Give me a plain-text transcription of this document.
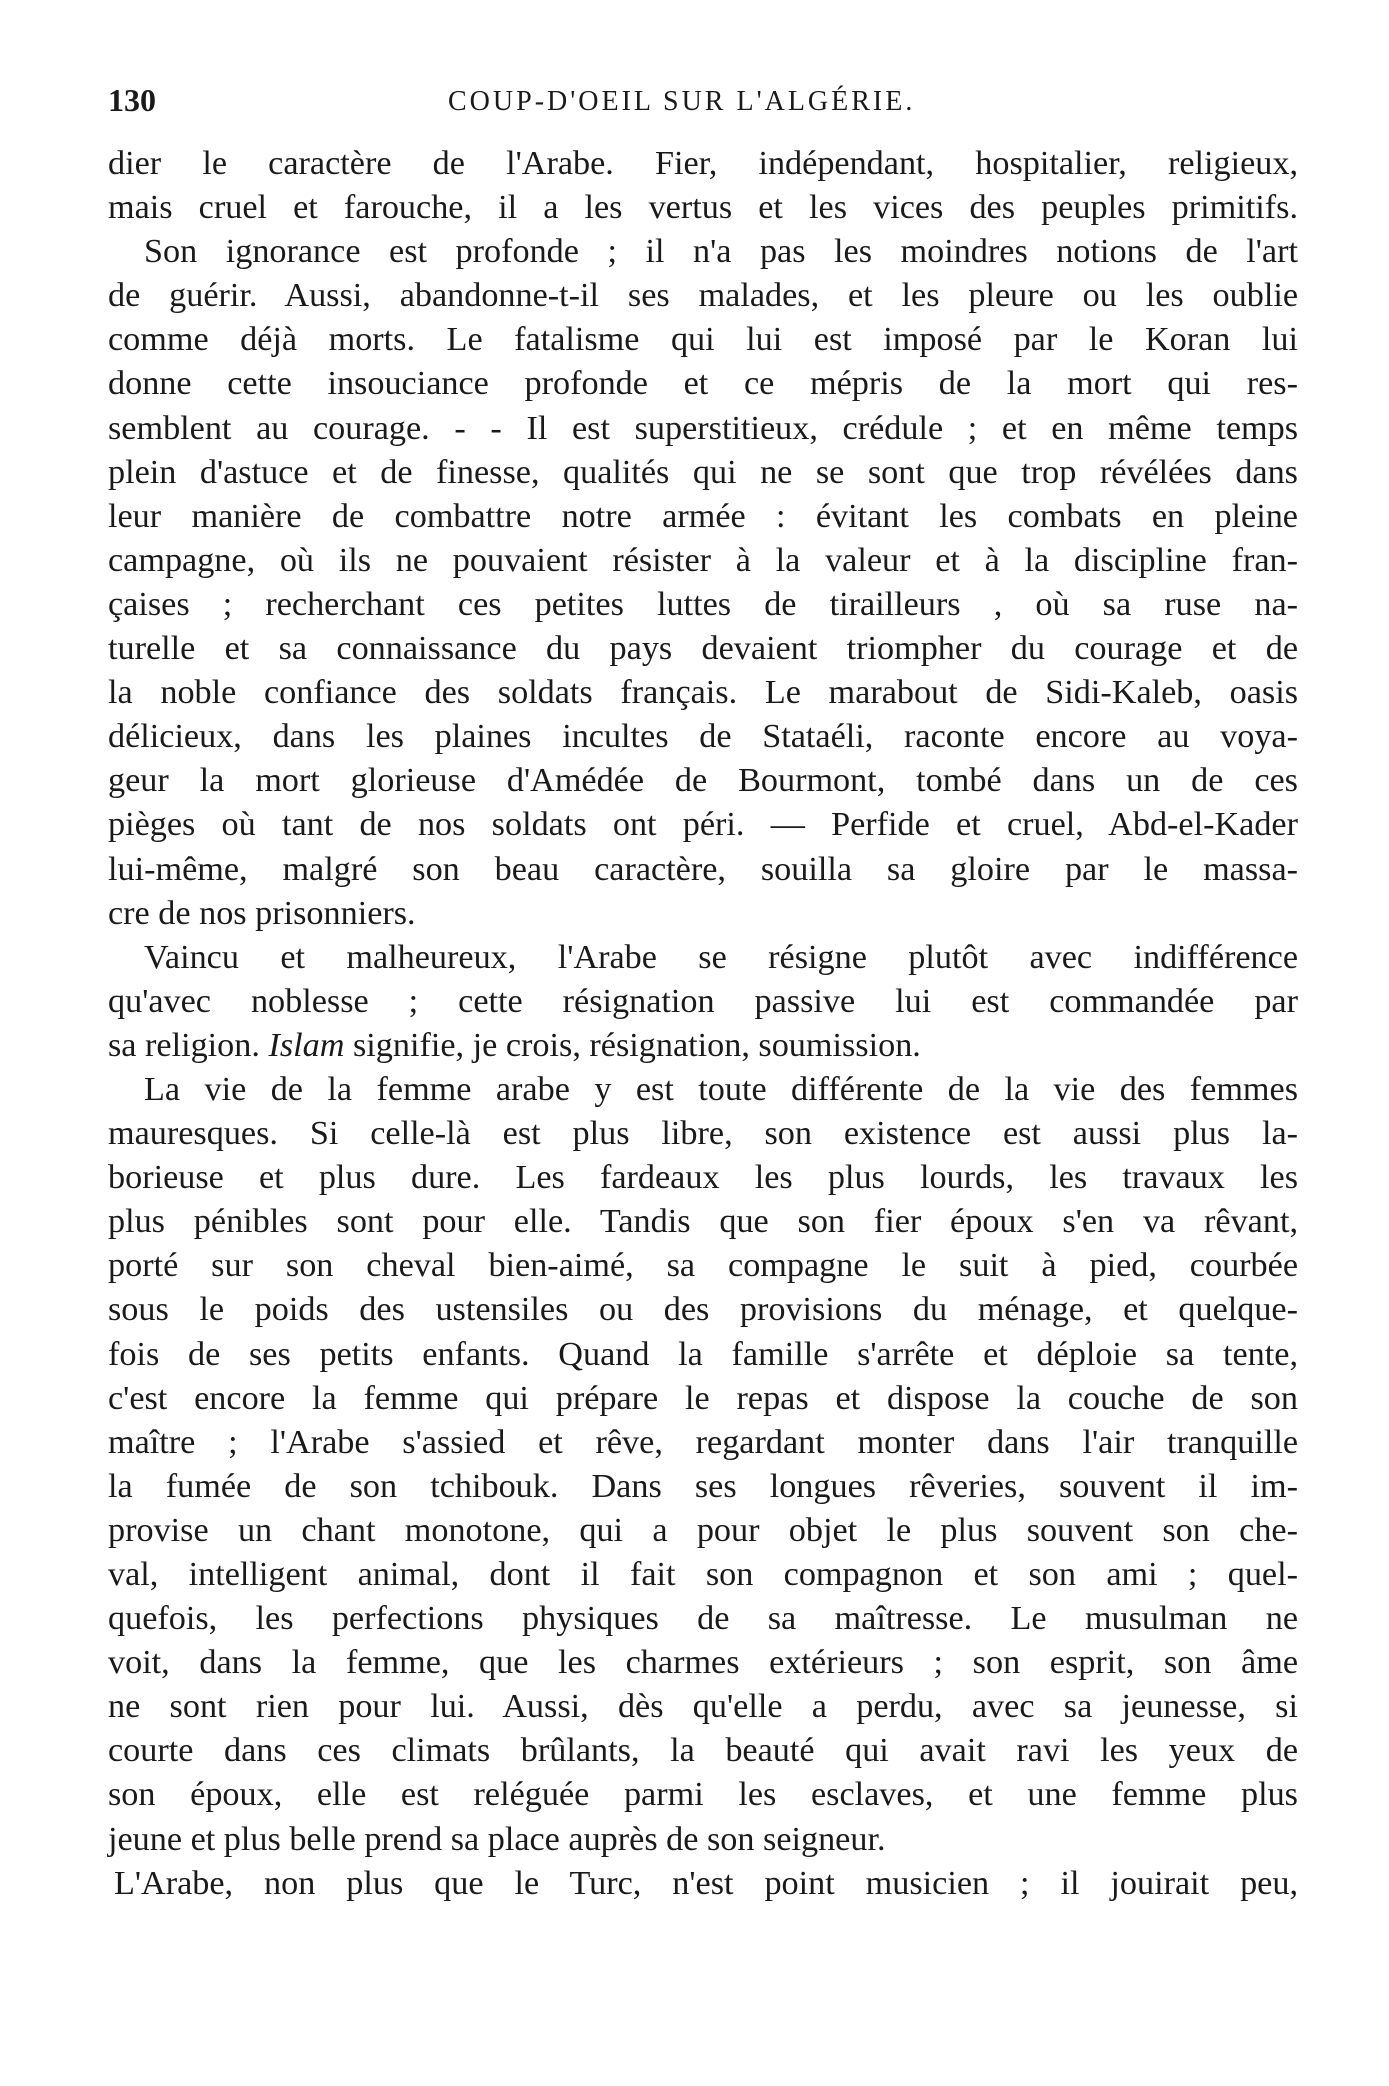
130	COUP-D'OEIL SUR L'ALGÉRIE.
dier le caractère de l'Arabe. Fier, indépendant, hospitalier, religieux,
mais cruel et farouche, il a les vertus et les vices des peuples primitifs.
Son ignorance est profonde ; il n'a pas les moindres notions de l'art
de guérir. Aussi, abandonne-t-il ses malades, et les pleure ou les oublie
comme déjà morts. Le fatalisme qui lui est imposé par le Koran lui
donne cette insouciance profonde et ce mépris de la mort qui res-
semblent au courage. - - Il est superstitieux, crédule ; et en même temps
plein d'astuce et de finesse, qualités qui ne se sont que trop révélées dans
leur manière de combattre notre armée : évitant les combats en pleine
campagne, où ils ne pouvaient résister à la valeur et à la discipline fran-
çaises ; recherchant ces petites luttes de tirailleurs , où sa ruse na-
turelle et sa connaissance du pays devaient triompher du courage et de
la noble confiance des soldats français. Le marabout de Sidi-Kaleb, oasis
délicieux, dans les plaines incultes de Stataéli, raconte encore au voya-
geur la mort glorieuse d'Amédée de Bourmont, tombé dans un de ces
pièges où tant de nos soldats ont péri. — Perfide et cruel, Abd-el-Kader
lui-même, malgré son beau caractère, souilla sa gloire par le massa-
cre de nos prisonniers.
Vaincu et malheureux, l'Arabe se résigne plutôt avec indifférence
qu'avec noblesse ; cette résignation passive lui est commandée par
sa religion. Islam signifie, je crois, résignation, soumission.
La vie de la femme arabe y est toute différente de la vie des femmes
mauresques. Si celle-là est plus libre, son existence est aussi plus la-
borieuse et plus dure. Les fardeaux les plus lourds, les travaux les
plus pénibles sont pour elle. Tandis que son fier époux s'en va rêvant,
porté sur son cheval bien-aimé, sa compagne le suit à pied, courbée
sous le poids des ustensiles ou des provisions du ménage, et quelque-
fois de ses petits enfants. Quand la famille s'arrête et déploie sa tente,
c'est encore la femme qui prépare le repas et dispose la couche de son
maître ; l'Arabe s'assied et rêve, regardant monter dans l'air tranquille
la fumée de son tchibouk. Dans ses longues rêveries, souvent il im-
provise un chant monotone, qui a pour objet le plus souvent son che-
val, intelligent animal, dont il fait son compagnon et son ami ; quel-
quefois, les perfections physiques de sa maîtresse. Le musulman ne
voit, dans la femme, que les charmes extérieurs ; son esprit, son âme
ne sont rien pour lui. Aussi, dès qu'elle a perdu, avec sa jeunesse, si
courte dans ces climats brûlants, la beauté qui avait ravi les yeux de
son époux, elle est reléguée parmi les esclaves, et une femme plus
jeune et plus belle prend sa place auprès de son seigneur.
L'Arabe, non plus que le Turc, n'est point musicien ; il jouirait peu,
